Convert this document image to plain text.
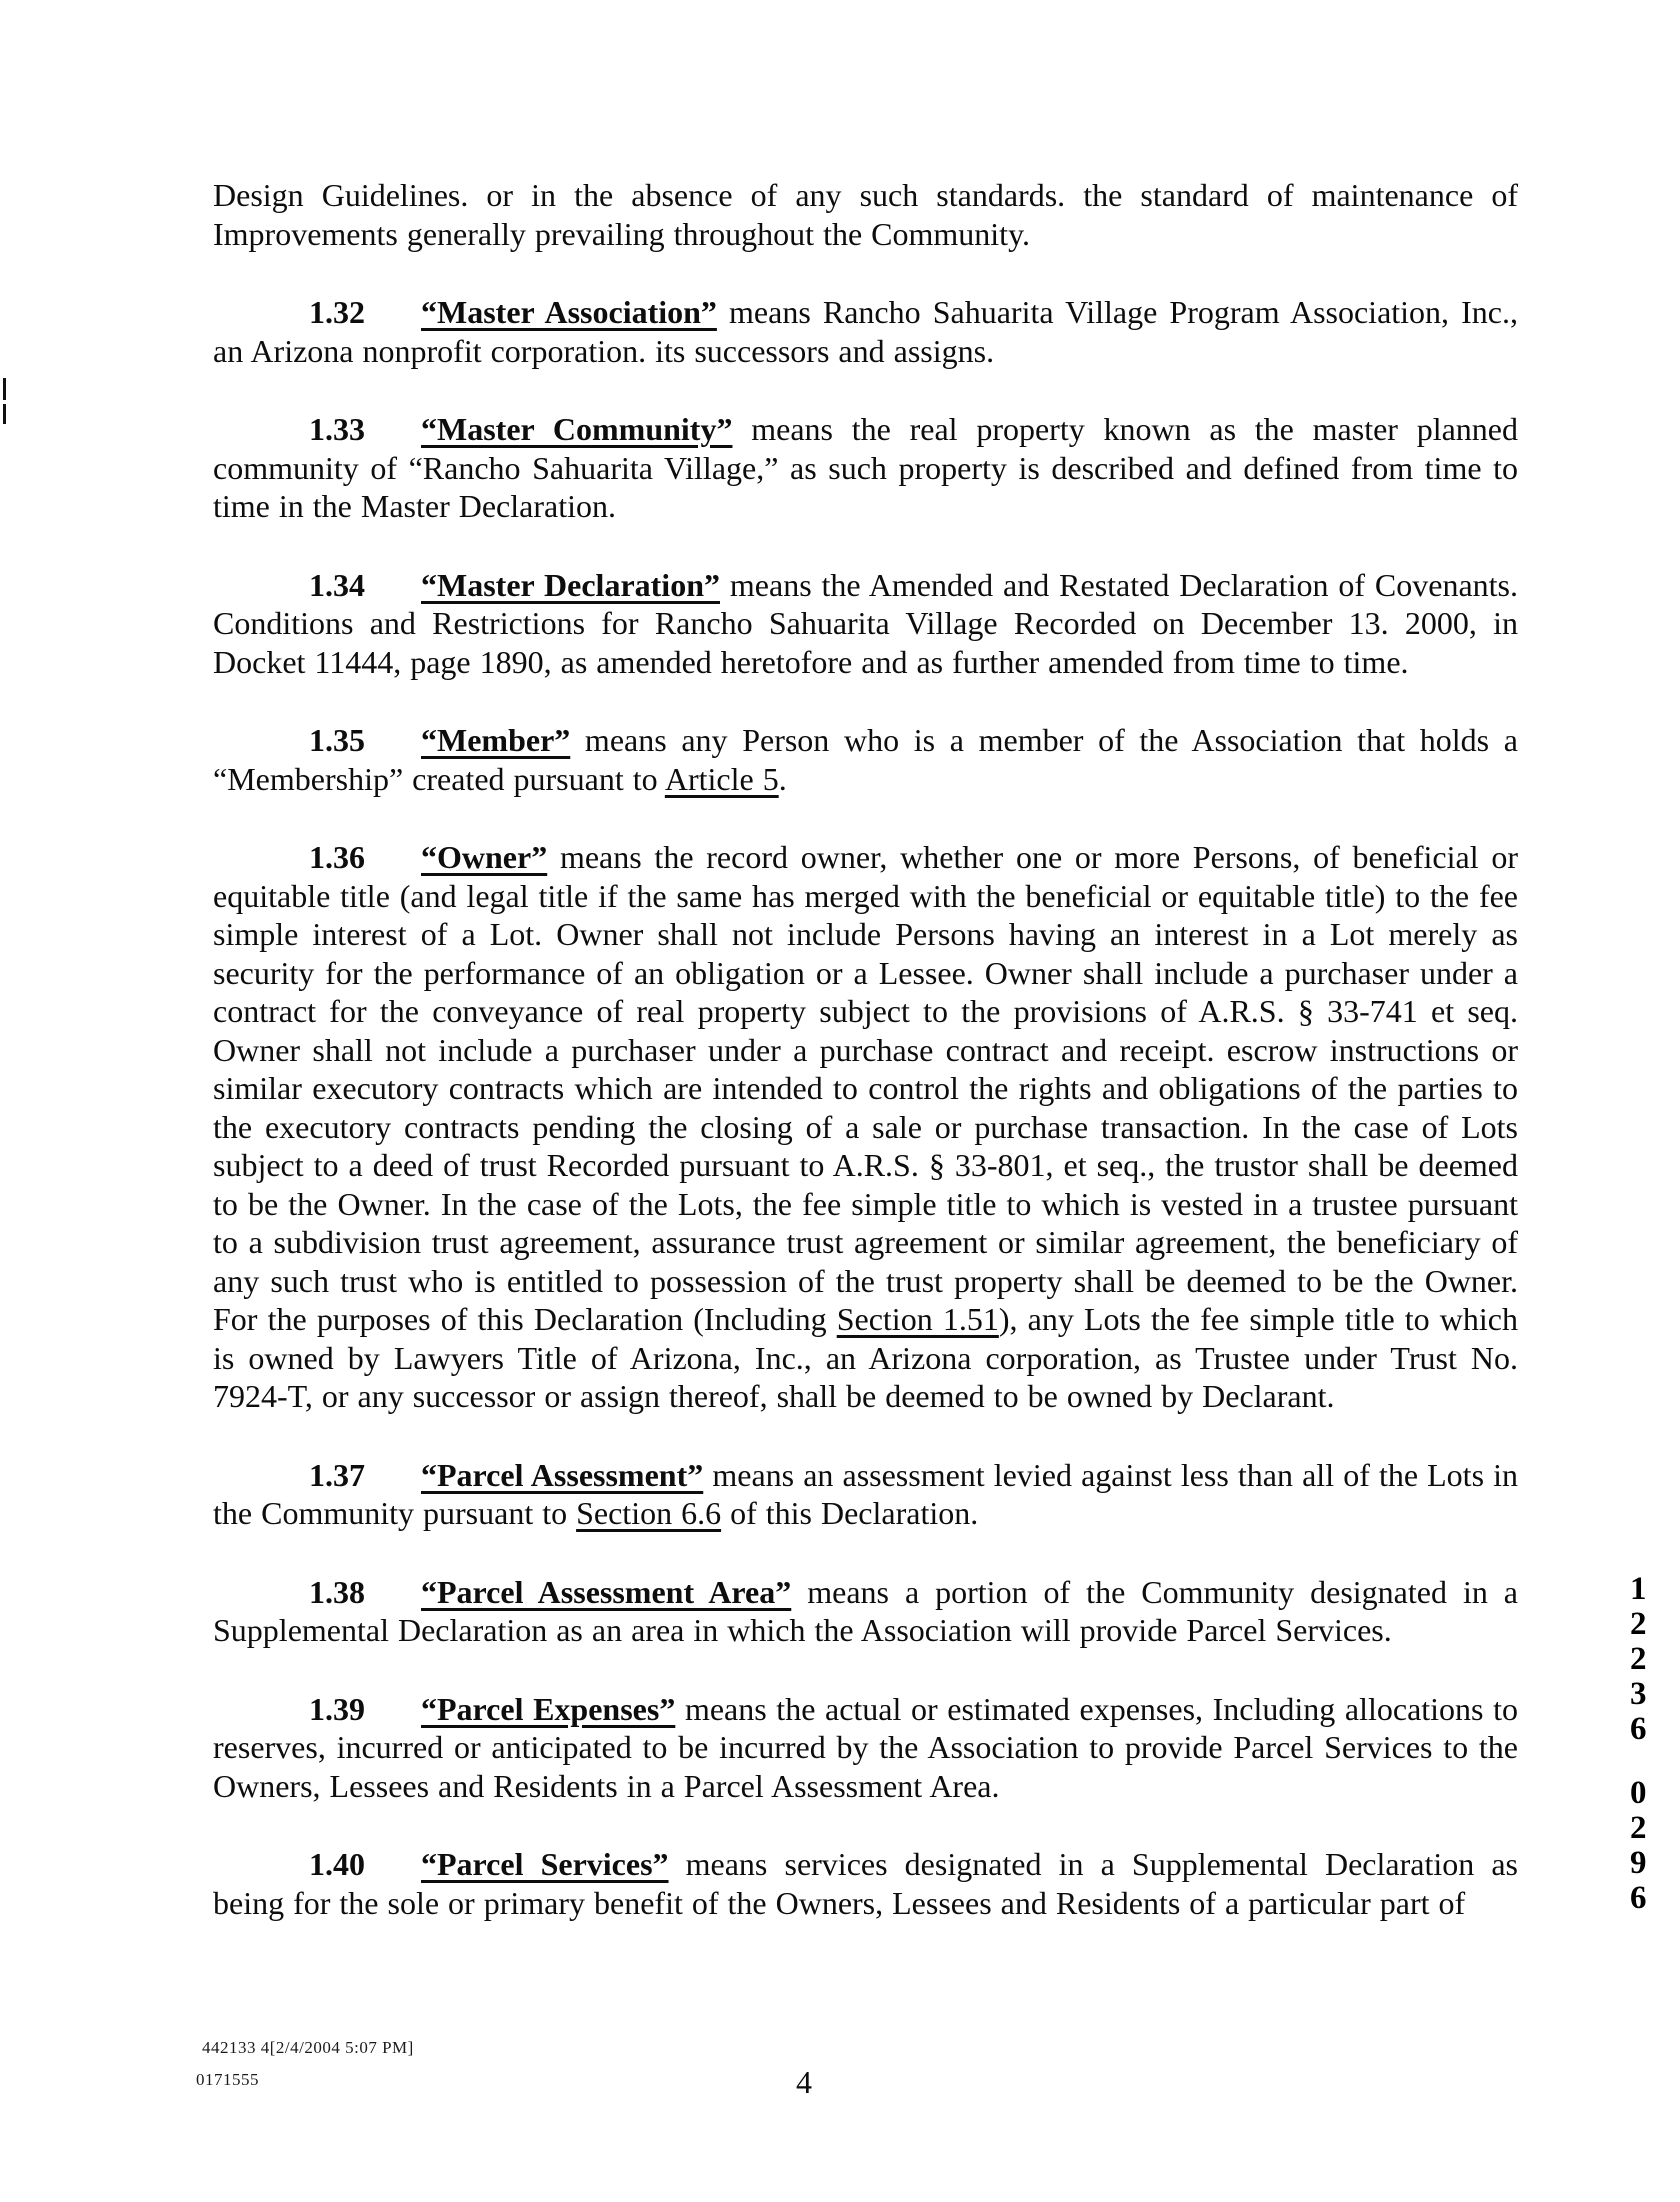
Design Guidelines. or in the absence of any such standards. the standard of maintenance of Improvements generally prevailing throughout the Community.

1.32 “Master Association” means Rancho Sahuarita Village Program Association, Inc., an Arizona nonprofit corporation. its successors and assigns.

1.33 “Master Community” means the real property known as the master planned community of “Rancho Sahuarita Village,” as such property is described and defined from time to time in the Master Declaration.

1.34 “Master Declaration” means the Amended and Restated Declaration of Covenants. Conditions and Restrictions for Rancho Sahuarita Village Recorded on December 13. 2000, in Docket 11444, page 1890, as amended heretofore and as further amended from time to time.

1.35 “Member” means any Person who is a member of the Association that holds a “Membership” created pursuant to Article 5.

1.36 “Owner” means the record owner, whether one or more Persons, of beneficial or equitable title (and legal title if the same has merged with the beneficial or equitable title) to the fee simple interest of a Lot. Owner shall not include Persons having an interest in a Lot merely as security for the performance of an obligation or a Lessee. Owner shall include a purchaser under a contract for the conveyance of real property subject to the provisions of A.R.S. § 33-741 et seq. Owner shall not include a purchaser under a purchase contract and receipt. escrow instructions or similar executory contracts which are intended to control the rights and obligations of the parties to the executory contracts pending the closing of a sale or purchase transaction. In the case of Lots subject to a deed of trust Recorded pursuant to A.R.S. § 33-801, et seq., the trustor shall be deemed to be the Owner. In the case of the Lots, the fee simple title to which is vested in a trustee pursuant to a subdivision trust agreement, assurance trust agreement or similar agreement, the beneficiary of any such trust who is entitled to possession of the trust property shall be deemed to be the Owner. For the purposes of this Declaration (Including Section 1.51), any Lots the fee simple title to which is owned by Lawyers Title of Arizona, Inc., an Arizona corporation, as Trustee under Trust No. 7924-T, or any successor or assign thereof, shall be deemed to be owned by Declarant.

1.37 “Parcel Assessment” means an assessment levied against less than all of the Lots in the Community pursuant to Section 6.6 of this Declaration.

1.38 “Parcel Assessment Area” means a portion of the Community designated in a Supplemental Declaration as an area in which the Association will provide Parcel Services.

1.39 “Parcel Expenses” means the actual or estimated expenses, Including allocations to reserves, incurred or anticipated to be incurred by the Association to provide Parcel Services to the Owners, Lessees and Residents in a Parcel Assessment Area.

1.40 “Parcel Services” means services designated in a Supplemental Declaration as being for the sole or primary benefit of the Owners, Lessees and Residents of a particular part of

1
2
2
3
6
0
2
9
6
442133 4[2/4/2004 5:07 PM]
0171555	4
